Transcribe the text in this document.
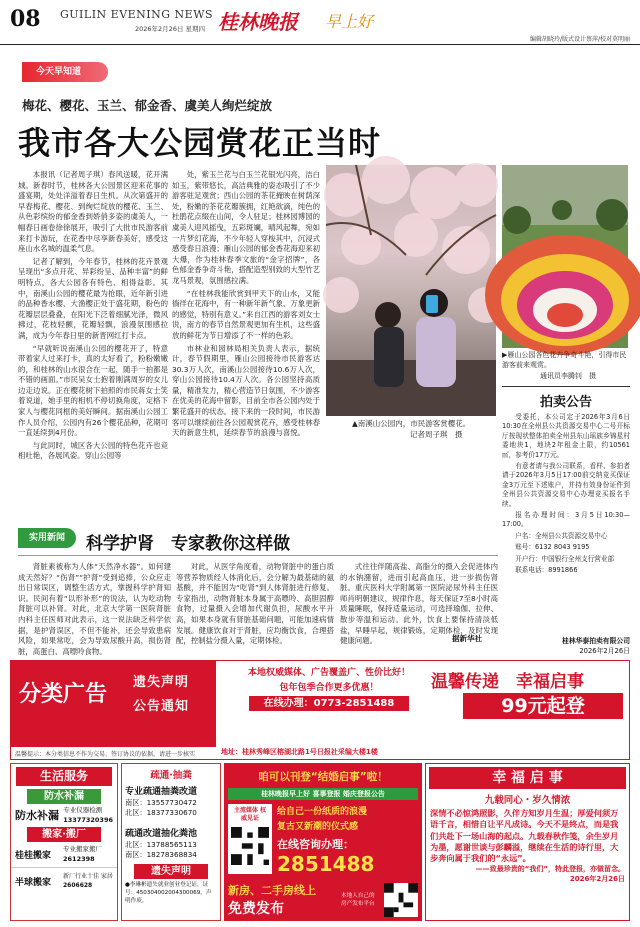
08 GUILIN EVENING NEWS
2026年2月26日 星期四 桂林晚报 早上好
编辑胡晓玲/版式设计蔡萍/校对莫明丽
今天早知道
梅花、樱花、玉兰、郁金香、虞美人绚烂绽放
我市各大公园赏花正当时

本报讯（记者周子琪）春风送暖，花开满城。新春时节，桂林各大公园景区迎来花事的盛宴期，处处洋溢着春日生机。从次第盛开的早春梅花、樱花、到绚烂绽放的樱花、玉兰、从色彩缤纷的郁金香到娇俏多姿的虞美人，一幅春日画卷徐徐展开，吸引了大批市民游客前来打卡游玩，在花香中尽享新春美好，感受这座山水名城的温柔气息。

记者了解到，今年春节，桂林的花卉景观呈现出“多点开花、异彩纷呈、品种丰富”的鲜明特点，各大公园各有特色、相得益彰。其中，南溪山公园的樱花最为抢眼，近年新引进的品种香水樱、大渔樱正处于盛花期，粉色的花瓣层层叠叠，在阳光下泛着细腻光泽，微风拂过，花枝轻颤，花瓣轻飘，浪漫氛围感拉满，成为今年春日里的新晋网红打卡点。

“早就听说南溪山公园的樱花开了，特意带着家人过来打卡，真的太好看了，粉粉嫩嫩的，和桂林的山水很合在一起，随手一拍都是不错的画面。”市民吴女士抱着刚满周岁的女儿边走边说。正在樱花树下拍照的市民蒋女士笑着说道，她手里的相机不停切换角度，定格下家人与樱花同框的美好瞬间。据南溪山公园工作人员介绍，公园内有26个樱花品种，花期可一直延续到4月份。

与此同时，城区各大公园的特色花卉也竞相吐艳，各展风姿。穿山公园等

处，紫玉兰花与白玉兰花银光闪亮，洁白如玉，紫带悠长，高洁典雅的姿态吸引了不少游客驻足观赏；西山公园的茶花掩映在树荫深处，粉嫩的茶花花瓣簇拥，红艳欲滴，纯色的杜鹃花点缀在山间，令人驻足；桂林园博园的虞美人迎风摇曳，五彩斑斓，晴风起舞，宛如一片梦幻花海，不少年轻人穿梭其中，沉浸式感受春日浪漫；雁山公园的郁金香花海迎来初大爆，作为桂林春季文旅的“金字招牌”，各色郁金香争奇斗艳，搭配造型别致的大型竹艺龙马景观，氛围感拉满。

“在桂林我能欣赏到甲天下的山水，又能徜徉在花海中，有一种新年新气象、万象更新的感觉，特别有意义。”来自江西的游客刘女士说，南方的春节自然景观更加有生机，这些盛放的鲜花为节日增添了不一样的色彩。

市林业和园林局相关负责人表示，据统计，春节假期里，雁山公园接待市民游客达30.3万人次，南溪山公园接待10.6万人次，穿山公园接待10.4万人次。各公园坚持高质量，精准发力，精心营造节日氛围，不少游客在优美的花海中留影，目前全市各公园内处于繁花盛开的状态。接下来的一段时间，市民游客可以继续前往各公园观赏花卉，感受桂林春天的新意生机，延续春节的浪漫与喜悦。

▲南溪山公园内，市民游客赏樱花。
记者周子琪　摄
▶雁山公园各色花卉争奇斗艳，引得市民游客前来观赏。
通讯员李腾钊　摄
拍卖公告

受委托，本公司定于2026年3月6日10:30在全州县公共资源交易中心二号开标厅按现状整体拍卖全州县东山瑶族乡锦星村委地块1，地块2年租金上限，约10561㎡，参考价17万元。

有意者请与我公司联系，看样、参拍者请于2026年3月5日17:00前交纳竞买保证金3万元至下述账户，并持有效身份证件到全州县公共资源交易中心办理竞买报名手续。

报名办理时间：3月5日10:30—17:00。

户名：全州县公共资源交易中心

账号：6132 8043 9195

开户行：中国银行全州支行营业部

联系电话：8991866

桂林华泰拍卖有限公司
2026年2月26日
实用新闻	科学护肾　专家教你这样做

肾脏素被称为人体“天然净水器”。如何建成天然好？“伤肾”“护肾”受到追捧，公众应走出日常误区，调整生活方式，掌握科学护肾知识。民间有着“以形补形”的说法，认为吃动物肾脏可以补肾。对此，北京大学第一医院肾脏内科主任医师对此表示，这一说法缺乏科学依据，是护肾误区，不但不能补，还会导致患病风险，如果常吃，会为导致尿酸升高，损伤肾脏，高蛋白、高嘌呤食物。

对此，从医学角度看，动物肾脏中的蛋白质等营养物质经人体消化后，会分解为最基础的氨基酸，并不能因为“吃肾”到人体肾脏进行修复。专家指出，动物肾脏本身属于高嘌呤、高胆固醇食物，过量摄入会增加代谢负担，尿酸水平升高，如果本身就有肾脏基础问题，可能加速病情发展。健康饮食对于肾脏，应均衡饮食，合理搭配，控制盐分摄入量，定期体检。

式往往伴随高盐、高脂分的摄入会促进体内的水钠潴留，进而引起高血压，进一步损伤肾脏。重庆医科大学附属第一医院泌尿外科主任医师肖明朝建议，规律作息，每天保证7至8小时高质量睡眠，保持适量运动，可选择瑜伽、拉伸、散步等温和运动。此外，饮食上要保持清淡低盐，早睡早起，规律锻炼，定期体检，及时发现健康问题。	据新华社
分类广告 遗失声明
公告通知
温馨提示：本分类信息不作为交易、签订协议的依据，请进一步核实
本地权威媒体、广告覆盖广、性价比好！
包年包季合作更多优惠！
在线办理：0773-2851488
地址：桂林秀峰区榕湖北路1号日报社采编大楼1楼
温馨传递　幸福启事
99元起登
生活服务
防水补漏
防水补漏 专业仪器检测
13377320396
搬家·搬厂
桂桂搬家
专业搬家搬厂
2612398
半球搬家
新厂行业十佳 家居
2606628
疏通·抽粪
专业疏通抽粪改道
南区：13557730472
北区：18377330670
疏通改道抽化粪池
北区：13788565113
南区：18278368834
遗失声明
●李琳彬遗失就业创业登记证，证号：450304002004300069，声明作废。
咱可以刊登“结婚启事”啦！
桂林晚报早上好 喜事登报 婚庆登报公告
主流媒体 权威见证
给自己一份纸质的浪漫
复古又新潮的仪式感
在线咨询办理：
2851488
新房、二手房线上
免费发布
本地人自己的 房产发布平台
幸 福 启 事
九载同心・岁久情浓
深情不必惊鸿照影，久伴方知岁月生温；厚爱何须万语千言，相惜自让平凡成诗。今天不是终点，而是我们共赴下一场山海的起点。九载春秋作笺，余生岁月为墨，愿谢世谈与彭麟溢，继续在生活的诗行里，大步奔向属于我们的“永远”。
——致最珍贵的“我们”，特此登报，亦做留念。
2026年2月26日
